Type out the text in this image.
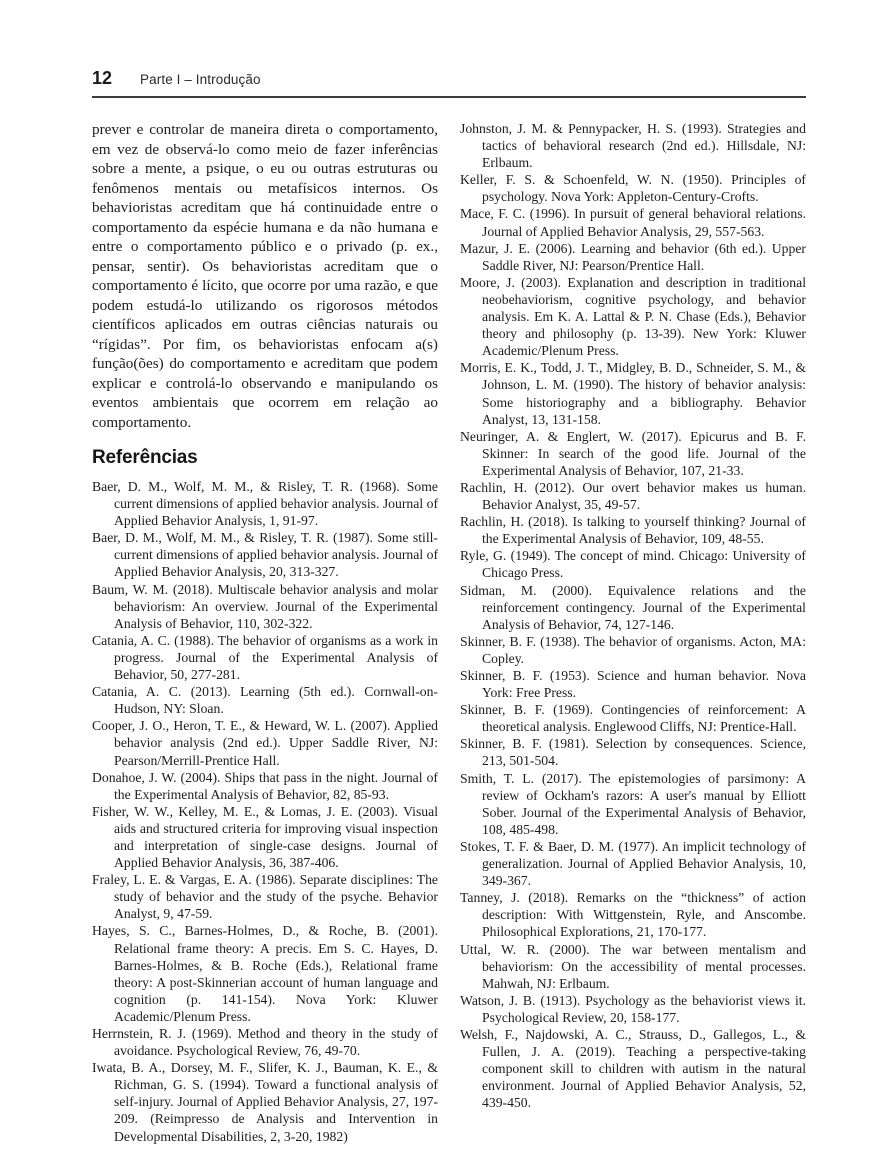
12 Parte I – Introdução

prever e controlar de maneira direta o comportamento, em vez de observá-lo como meio de fazer inferências sobre a mente, a psique, o eu ou outras estruturas ou fenômenos mentais ou metafísicos internos. Os behavioristas acreditam que há continuidade entre o comportamento da espécie humana e da não humana e entre o comportamento público e o privado (p. ex., pensar, sentir). Os behavioristas acreditam que o comportamento é lícito, que ocorre por uma razão, e que podem estudá-lo utilizando os rigorosos métodos científicos aplicados em outras ciências naturais ou “rígidas”. Por fim, os behavioristas enfocam a(s) função(ões) do comportamento e acreditam que podem explicar e controlá-lo observando e manipulando os eventos ambientais que ocorrem em relação ao comportamento.

Referências

Baer, D. M., Wolf, M. M., & Risley, T. R. (1968). Some current dimensions of applied behavior analysis. Journal of Applied Behavior Analysis, 1, 91-97.

Baer, D. M., Wolf, M. M., & Risley, T. R. (1987). Some still-current dimensions of applied behavior analysis. Journal of Applied Behavior Analysis, 20, 313-327.

Baum, W. M. (2018). Multiscale behavior analysis and molar behaviorism: An overview. Journal of the Experimental Analysis of Behavior, 110, 302-322.

Catania, A. C. (1988). The behavior of organisms as a work in progress. Journal of the Experimental Analysis of Behavior, 50, 277-281.

Catania, A. C. (2013). Learning (5th ed.). Cornwall-on-Hudson, NY: Sloan.

Cooper, J. O., Heron, T. E., & Heward, W. L. (2007). Applied behavior analysis (2nd ed.). Upper Saddle River, NJ: Pearson/Merrill-Prentice Hall.

Donahoe, J. W. (2004). Ships that pass in the night. Journal of the Experimental Analysis of Behavior, 82, 85-93.

Fisher, W. W., Kelley, M. E., & Lomas, J. E. (2003). Visual aids and structured criteria for improving visual inspection and interpretation of single-case designs. Journal of Applied Behavior Analysis, 36, 387-406.

Fraley, L. E. & Vargas, E. A. (1986). Separate disciplines: The study of behavior and the study of the psyche. Behavior Analyst, 9, 47-59.

Hayes, S. C., Barnes-Holmes, D., & Roche, B. (2001). Relational frame theory: A precis. Em S. C. Hayes, D. Barnes-Holmes, & B. Roche (Eds.), Relational frame theory: A post-Skinnerian account of human language and cognition (p. 141-154). Nova York: Kluwer Academic/Plenum Press.

Herrnstein, R. J. (1969). Method and theory in the study of avoidance. Psychological Review, 76, 49-70.

Iwata, B. A., Dorsey, M. F., Slifer, K. J., Bauman, K. E., & Richman, G. S. (1994). Toward a functional analysis of self-injury. Journal of Applied Behavior Analysis, 27, 197-209. (Reimpresso de Analysis and Intervention in Developmental Disabilities, 2, 3-20, 1982)

Johnston, J. M. & Pennypacker, H. S. (1993). Strategies and tactics of behavioral research (2nd ed.). Hillsdale, NJ: Erlbaum.

Keller, F. S. & Schoenfeld, W. N. (1950). Principles of psychology. Nova York: Appleton-Century-Crofts.

Mace, F. C. (1996). In pursuit of general behavioral relations. Journal of Applied Behavior Analysis, 29, 557-563.

Mazur, J. E. (2006). Learning and behavior (6th ed.). Upper Saddle River, NJ: Pearson/Prentice Hall.

Moore, J. (2003). Explanation and description in traditional neobehaviorism, cognitive psychology, and behavior analysis. Em K. A. Lattal & P. N. Chase (Eds.), Behavior theory and philosophy (p. 13-39). New York: Kluwer Academic/Plenum Press.

Morris, E. K., Todd, J. T., Midgley, B. D., Schneider, S. M., & Johnson, L. M. (1990). The history of behavior analysis: Some historiography and a bibliography. Behavior Analyst, 13, 131-158.

Neuringer, A. & Englert, W. (2017). Epicurus and B. F. Skinner: In search of the good life. Journal of the Experimental Analysis of Behavior, 107, 21-33.

Rachlin, H. (2012). Our overt behavior makes us human. Behavior Analyst, 35, 49-57.

Rachlin, H. (2018). Is talking to yourself thinking? Journal of the Experimental Analysis of Behavior, 109, 48-55.

Ryle, G. (1949). The concept of mind. Chicago: University of Chicago Press.

Sidman, M. (2000). Equivalence relations and the reinforcement contingency. Journal of the Experimental Analysis of Behavior, 74, 127-146.

Skinner, B. F. (1938). The behavior of organisms. Acton, MA: Copley.

Skinner, B. F. (1953). Science and human behavior. Nova York: Free Press.

Skinner, B. F. (1969). Contingencies of reinforcement: A theoretical analysis. Englewood Cliffs, NJ: Prentice-Hall.

Skinner, B. F. (1981). Selection by consequences. Science, 213, 501-504.

Smith, T. L. (2017). The epistemologies of parsimony: A review of Ockham's razors: A user's manual by Elliott Sober. Journal of the Experimental Analysis of Behavior, 108, 485-498.

Stokes, T. F. & Baer, D. M. (1977). An implicit technology of generalization. Journal of Applied Behavior Analysis, 10, 349-367.

Tanney, J. (2018). Remarks on the “thickness” of action description: With Wittgenstein, Ryle, and Anscombe. Philosophical Explorations, 21, 170-177.

Uttal, W. R. (2000). The war between mentalism and behaviorism: On the accessibility of mental processes. Mahwah, NJ: Erlbaum.

Watson, J. B. (1913). Psychology as the behaviorist views it. Psychological Review, 20, 158-177.

Welsh, F., Najdowski, A. C., Strauss, D., Gallegos, L., & Fullen, J. A. (2019). Teaching a perspective-taking component skill to children with autism in the natural environment. Journal of Applied Behavior Analysis, 52, 439-450.
